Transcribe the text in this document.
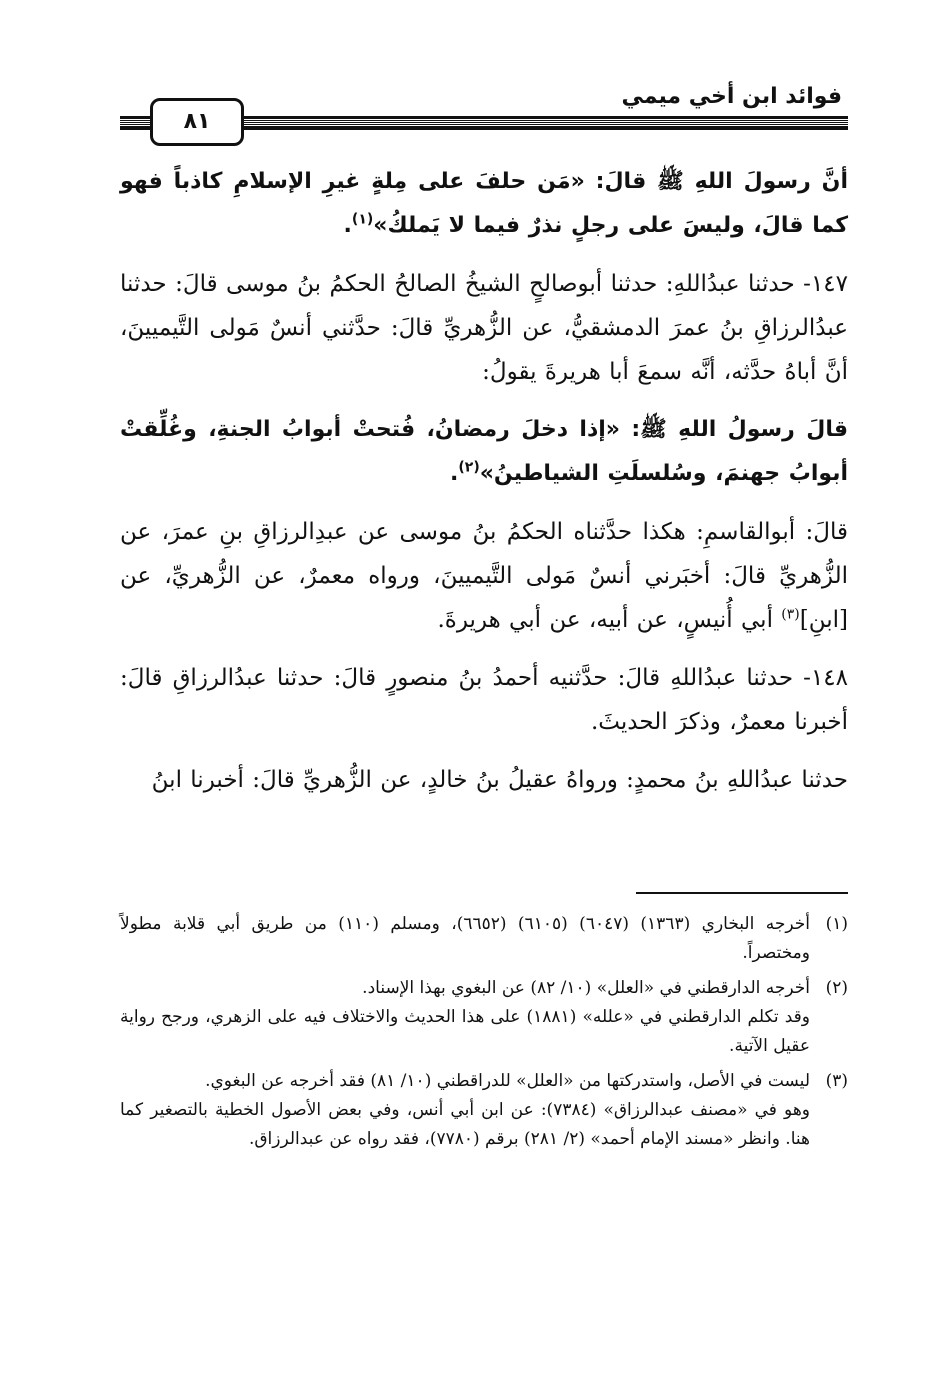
فوائد ابن أخي ميمي
٨١

أنَّ رسولَ اللهِ ﷺ قالَ: «مَن حلفَ على مِلةٍ غيرِ الإسلامِ كاذباً فهو كما قالَ، وليسَ على رجلٍ نذرٌ فيما لا يَملكُ»$^{(١)}$.

١٤٧- حدثنا عبدُاللهِ: حدثنا أبوصالحٍ الشيخُ الصالحُ الحكمُ بنُ موسى قالَ: حدثنا عبدُالرزاقِ بنُ عمرَ الدمشقيُّ، عن الزُّهريِّ قالَ: حدَّثني أنسٌ مَولى التَّيميينَ، أنَّ أباهُ حدَّثه، أنَّه سمعَ أبا هريرةَ يقولُ:

قالَ رسولُ اللهِ ﷺ: «إذا دخلَ رمضانُ، فُتحتْ أبوابُ الجنةِ، وغُلِّقتْ أبوابُ جهنمَ، وسُلسلَتِ الشياطينُ»$^{(٢)}$.

قالَ: أبوالقاسمِ: هكذا حدَّثناه الحكمُ بنُ موسى عن عبدِالرزاقِ بنِ عمرَ، عن الزُّهريِّ قالَ: أخبَرني أنسٌ مَولى التَّيميينَ، ورواه معمرٌ، عن الزُّهريِّ، عن [ابنِ]$^{(٣)}$ أبي أُنيسٍ، عن أبيه، عن أبي هريرةَ.

١٤٨- حدثنا عبدُاللهِ قالَ: حدَّثنيه أحمدُ بنُ منصورٍ قالَ: حدثنا عبدُالرزاقِ قالَ: أخبرنا معمرٌ، وذكرَ الحديثَ.

حدثنا عبدُاللهِ بنُ محمدٍ: ورواهُ عقيلُ بنُ خالدٍ، عن الزُّهريِّ قالَ: أخبرنا ابنُ

(١)
أخرجه البخاري (١٣٦٣) (٦٠٤٧) (٦١٠٥) (٦٦٥٢)، ومسلم (١١٠) من طريق أبي قلابة مطولاً ومختصراً.
(٢)
أخرجه الدارقطني في «العلل» (١٠/ ٨٢) عن البغوي بهذا الإسناد.
وقد تكلم الدارقطني في «علله» (١٨٨١) على هذا الحديث والاختلاف فيه على الزهري، ورجح رواية عقيل الآتية.
(٣)
ليست في الأصل، واستدركتها من «العلل» للدراقطني (١٠/ ٨١) فقد أخرجه عن البغوي.
وهو في «مصنف عبدالرزاق» (٧٣٨٤): عن ابن أبي أنس، وفي بعض الأصول الخطية بالتصغير كما هنا. وانظر «مسند الإمام أحمد» (٢/ ٢٨١) برقم (٧٧٨٠)، فقد رواه عن عبدالرزاق.
